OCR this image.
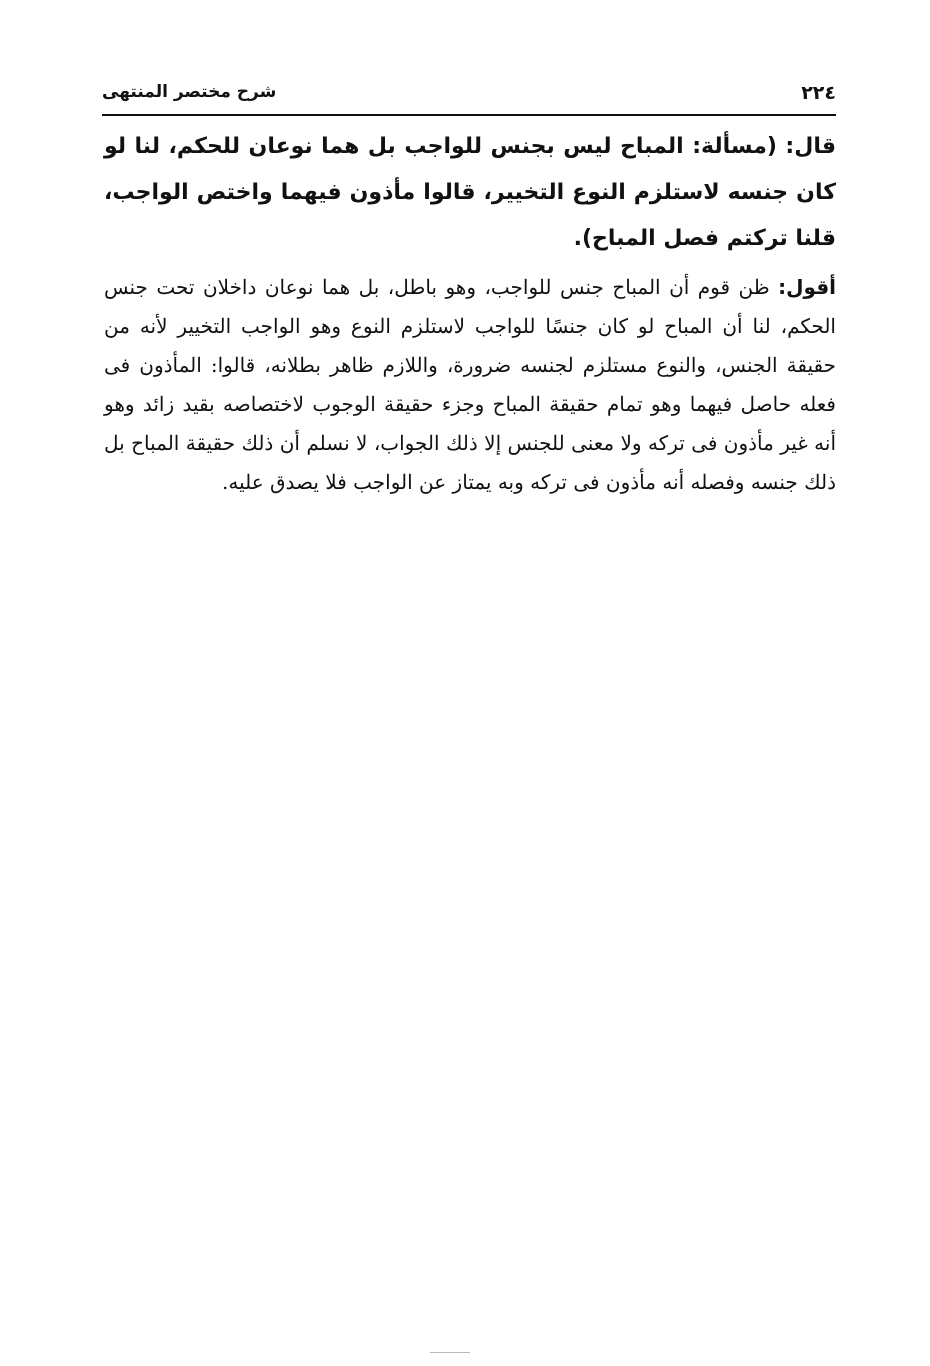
٢٢٤
شرح مختصر المنتهى

قال: (مسألة: المباح ليس بجنس للواجب بل هما نوعان للحكم، لنا لو كان جنسه لاستلزم النوع التخيير، قالوا مأذون فيهما واختص الواجب، قلنا تركتم فصل المباح).

أقول: ظن قوم أن المباح جنس للواجب، وهو باطل، بل هما نوعان داخلان تحت جنس الحكم، لنا أن المباح لو كان جنسًا للواجب لاستلزم النوع وهو الواجب التخيير لأنه من حقيقة الجنس، والنوع مستلزم لجنسه ضرورة، واللازم ظاهر بطلانه، قالوا: المأذون فى فعله حاصل فيهما وهو تمام حقيقة المباح وجزء حقيقة الوجوب لاختصاصه بقيد زائد وهو أنه غير مأذون فى تركه ولا معنى للجنس إلا ذلك الجواب، لا نسلم أن ذلك حقيقة المباح بل ذلك جنسه وفصله أنه مأذون فى تركه وبه يمتاز عن الواجب فلا يصدق عليه.
